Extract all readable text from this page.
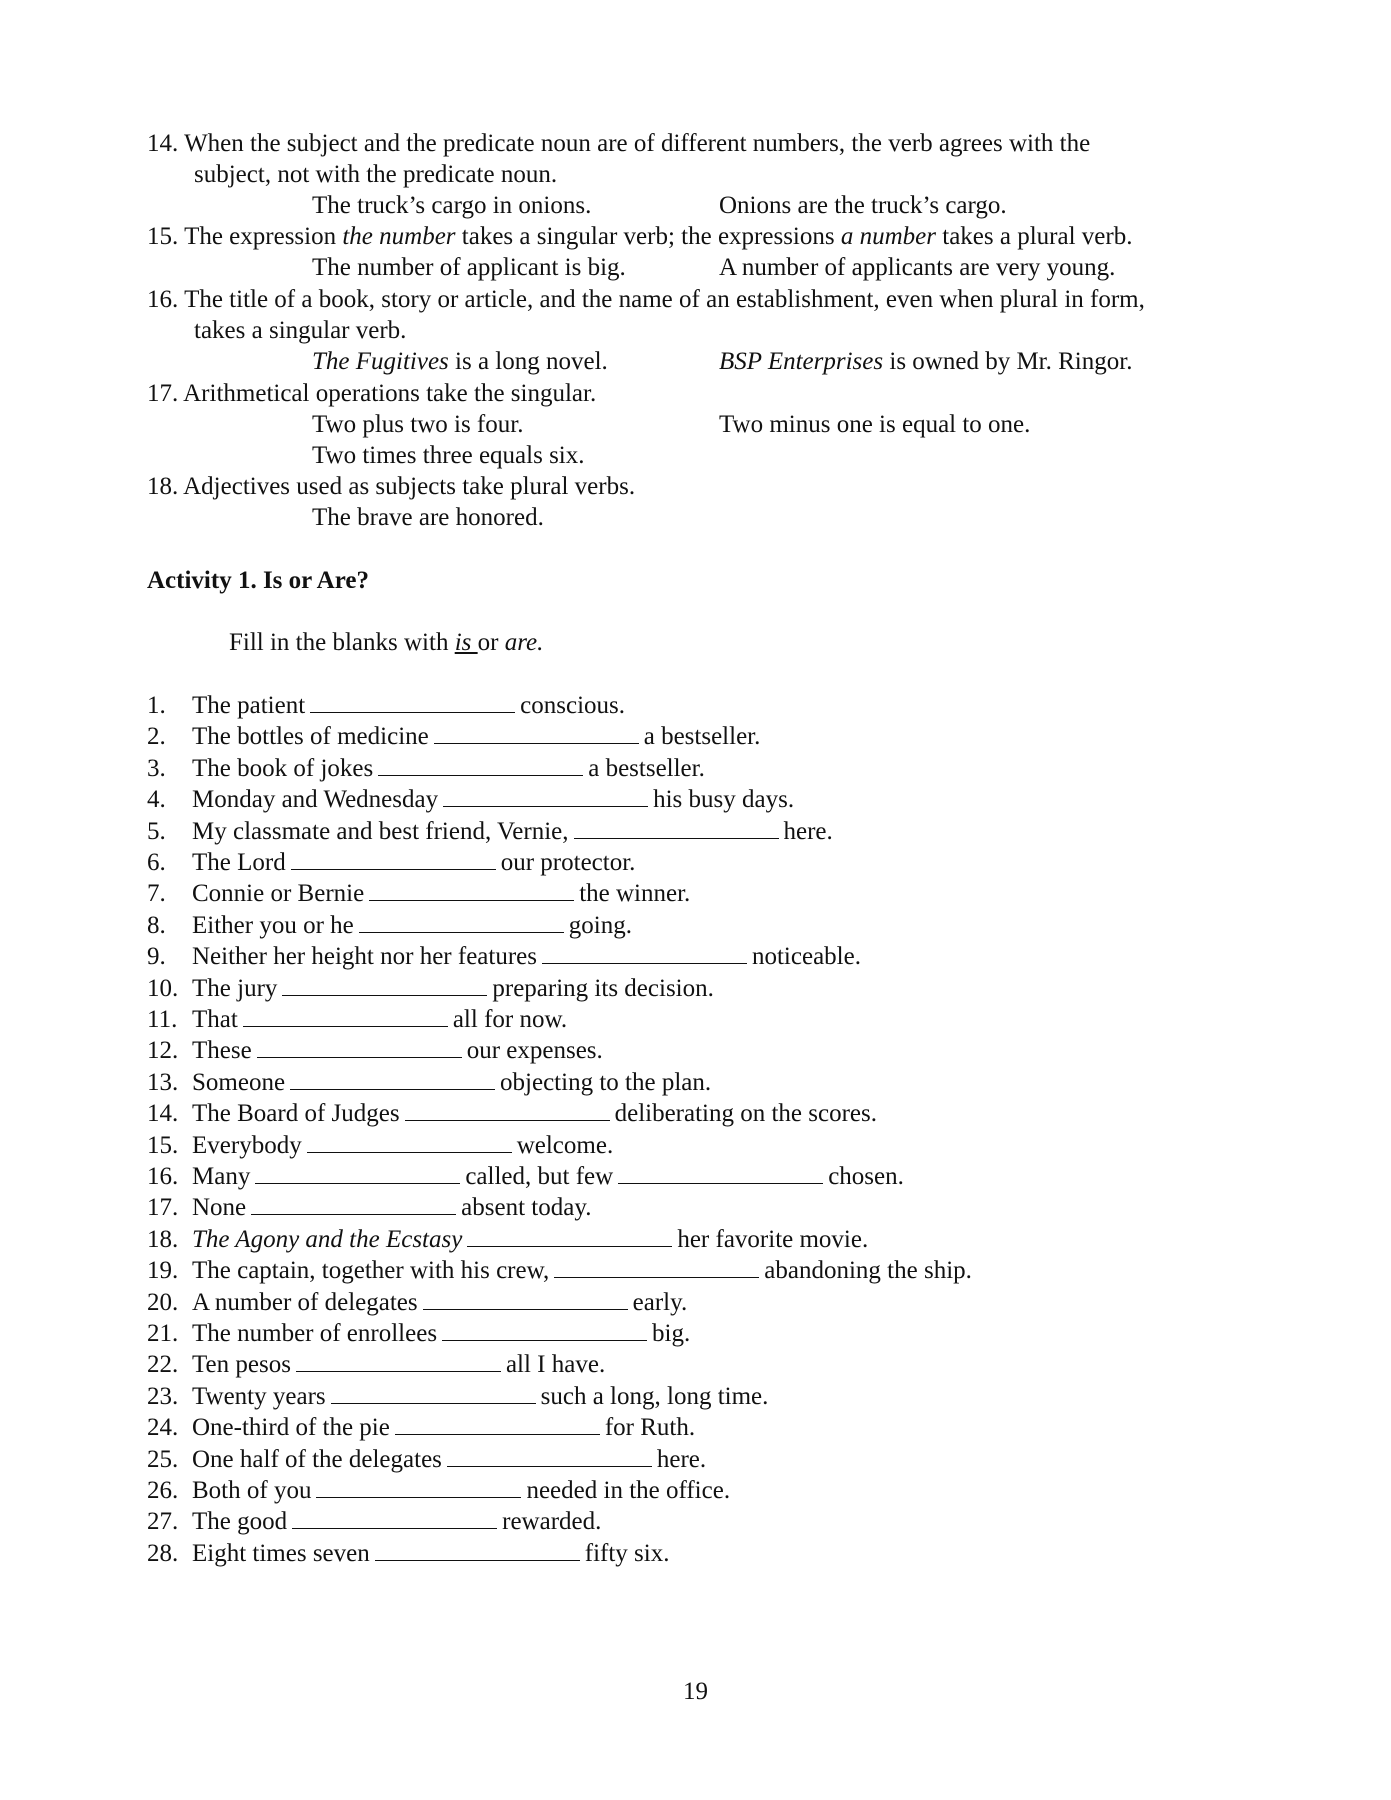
14. When the subject and the predicate noun are of different numbers, the verb agrees with the
subject, not with the predicate noun.
The truck’s cargo in onions.	Onions are the truck’s cargo.
15. The expression the number takes a singular verb; the expressions a number takes a plural verb.
The number of applicant is big.	A number of applicants are very young.
16. The title of a book, story or article, and the name of an establishment, even when plural in form,
takes a singular verb.
The Fugitives is a long novel.	BSP Enterprises is owned by Mr. Ringor.
17. Arithmetical operations take the singular.
Two plus two is four.	Two minus one is equal to one.
Two times three equals six.
18. Adjectives used as subjects take plural verbs.
The brave are honored.
Activity 1. Is or Are?
Fill in the blanks with is or are.
1. The patient	conscious.
2. The bottles of medicine	a bestseller.
3. The book of jokes	a bestseller.
4. Monday and Wednesday	his busy days.
5. My classmate and best friend, Vernie,	here.
6. The Lord	our protector.
7. Connie or Bernie	the winner.
8. Either you or he	going.
9. Neither her height nor her features	noticeable.
10. The jury	preparing its decision.
11. That	all for now.
12. These	our expenses.
13. Someone	objecting to the plan.
14. The Board of Judges	deliberating on the scores.
15. Everybody	welcome.
16. Many	called, but few	chosen.
17. None	absent today.
18. The Agony and the Ecstasy	her favorite movie.
19. The captain, together with his crew,	abandoning the ship.
20. A number of delegates	early.
21. The number of enrollees	big.
22. Ten pesos	all I have.
23. Twenty years	such a long, long time.
24. One-third of the pie	for Ruth.
25. One half of the delegates	here.
26. Both of you	needed in the office.
27. The good	rewarded.
28. Eight times seven	fifty six.
19
